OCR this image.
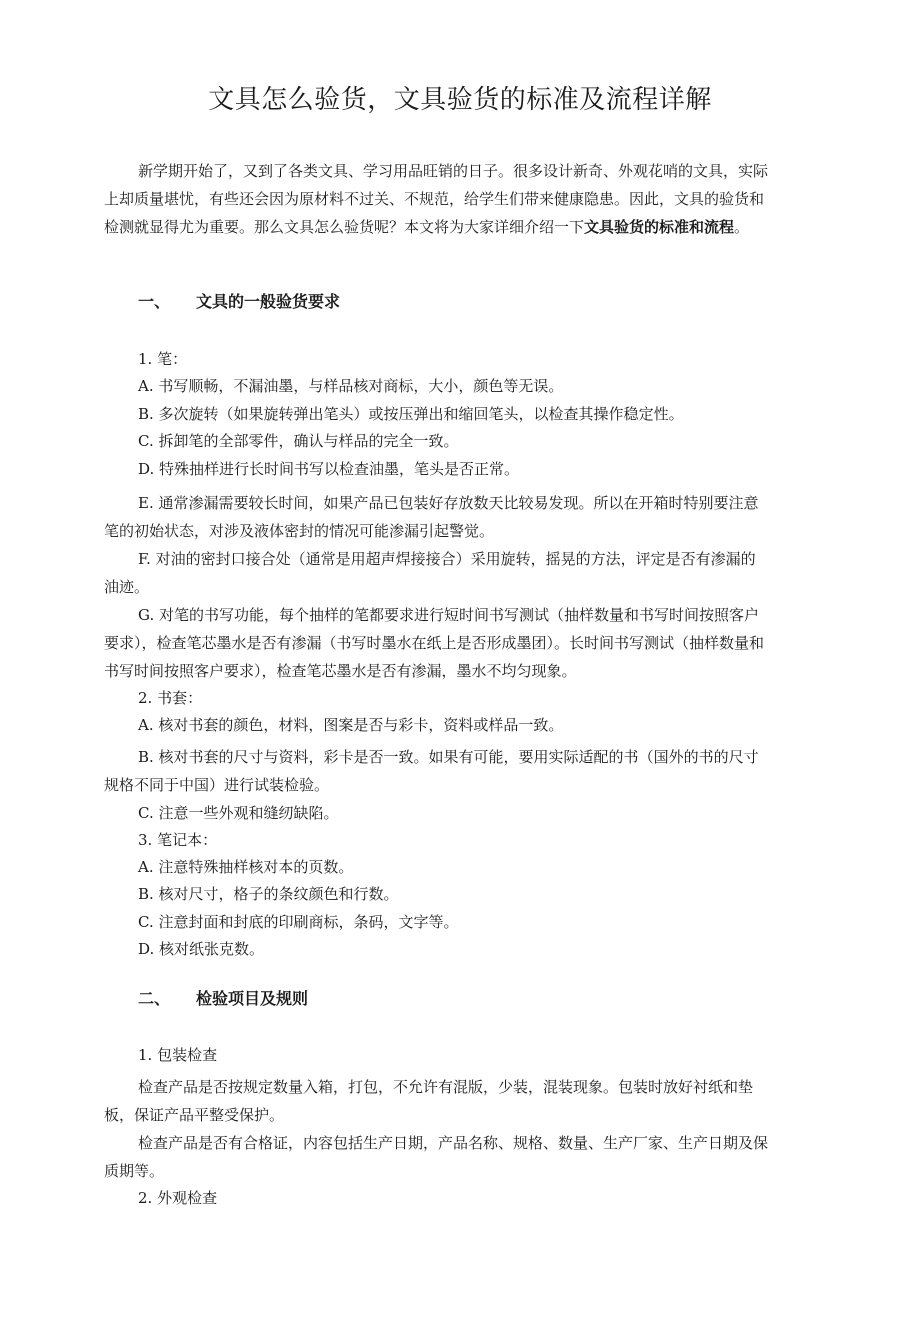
文具怎么验货，文具验货的标准及流程详解

新学期开始了，又到了各类文具、学习用品旺销的日子。很多设计新奇、外观花哨的文具，实际上却质量堪忧，有些还会因为原材料不过关、不规范，给学生们带来健康隐患。因此，文具的验货和检测就显得尤为重要。那么文具怎么验货呢？本文将为大家详细介绍一下文具验货的标准和流程。

一、 文具的一般验货要求
1. 笔：
A. 书写顺畅，不漏油墨，与样品核对商标，大小，颜色等无误。
B. 多次旋转（如果旋转弹出笔头）或按压弹出和缩回笔头，以检查其操作稳定性。
C. 拆卸笔的全部零件，确认与样品的完全一致。
D. 特殊抽样进行长时间书写以检查油墨，笔头是否正常。

E. 通常渗漏需要较长时间，如果产品已包装好存放数天比较易发现。所以在开箱时特别要注意笔的初始状态，对涉及液体密封的情况可能渗漏引起警觉。

F. 对油的密封口接合处（通常是用超声焊接接合）采用旋转，摇晃的方法，评定是否有渗漏的油迹。

G. 对笔的书写功能，每个抽样的笔都要求进行短时间书写测试（抽样数量和书写时间按照客户要求），检查笔芯墨水是否有渗漏（书写时墨水在纸上是否形成墨团）。长时间书写测试（抽样数量和书写时间按照客户要求），检查笔芯墨水是否有渗漏，墨水不均匀现象。

2. 书套：
A. 核对书套的颜色，材料，图案是否与彩卡，资料或样品一致。

B. 核对书套的尺寸与资料，彩卡是否一致。如果有可能，要用实际适配的书（国外的书的尺寸规格不同于中国）进行试装检验。

C. 注意一些外观和缝纫缺陷。
3. 笔记本：
A. 注意特殊抽样核对本的页数。
B. 核对尺寸，格子的条纹颜色和行数。
C. 注意封面和封底的印刷商标，条码，文字等。
D. 核对纸张克数。
二、 检验项目及规则
1. 包装检查

检查产品是否按规定数量入箱，打包，不允许有混版，少装，混装现象。包装时放好衬纸和垫板，保证产品平整受保护。

检查产品是否有合格证，内容包括生产日期，产品名称、规格、数量、生产厂家、生产日期及保质期等。

2. 外观检查
